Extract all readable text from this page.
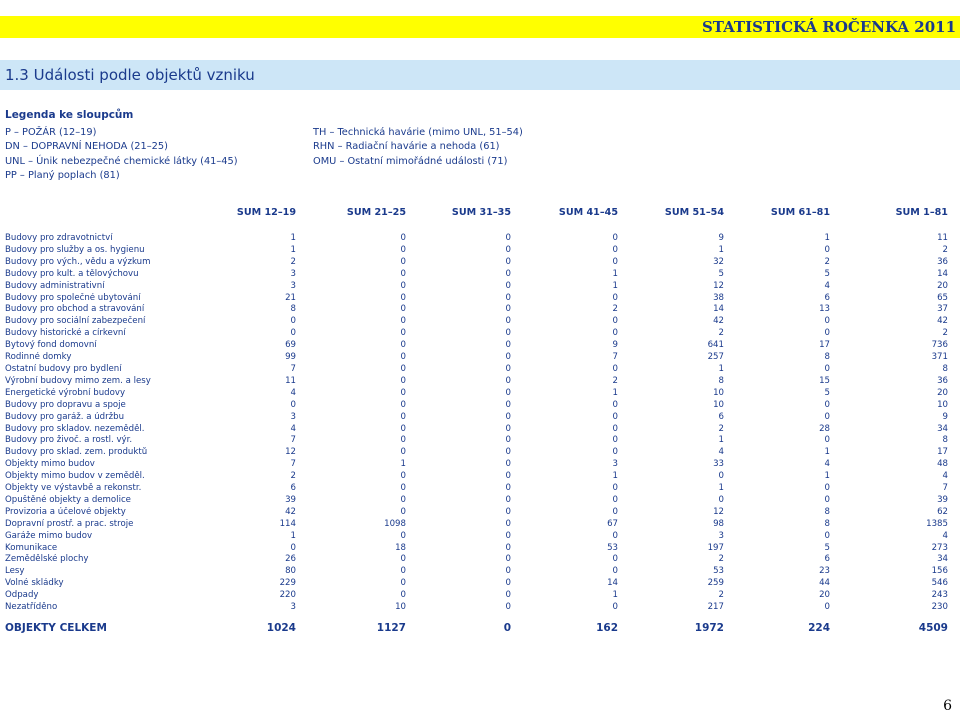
STATISTICKÁ ROČENKA 2011
1.3 Události podle objektů vzniku
Legenda ke sloupcům
P – POŽÁR (12–19)
DN – DOPRAVNÍ NEHODA (21–25)
UNL – Únik nebezpečné chemické látky (41–45)
PP – Planý poplach (81)
TH – Technická havárie (mimo UNL, 51–54)
RHN – Radiační havárie a nehoda (61)
OMU – Ostatní mimořádné události (71)
	SUM 12–19	SUM 21–25	SUM 31–35	SUM 41–45	SUM 51–54	SUM 61–81	SUM 1–81

Budovy pro zdravotnictví	1	0	0	0	9	1	11
Budovy pro služby a os. hygienu	1	0	0	0	1	0	2
Budovy pro vých., vědu a výzkum	2	0	0	0	32	2	36
Budovy pro kult. a tělovýchovu	3	0	0	1	5	5	14
Budovy administrativní	3	0	0	1	12	4	20
Budovy pro společné ubytování	21	0	0	0	38	6	65
Budovy pro obchod a stravování	8	0	0	2	14	13	37
Budovy pro sociální zabezpečení	0	0	0	0	42	0	42
Budovy historické a církevní	0	0	0	0	2	0	2
Bytový fond domovní	69	0	0	9	641	17	736
Rodinné domky	99	0	0	7	257	8	371
Ostatní budovy pro bydlení	7	0	0	0	1	0	8
Výrobní budovy mimo zem. a lesy	11	0	0	2	8	15	36
Energetické výrobní budovy	4	0	0	1	10	5	20
Budovy pro dopravu a spoje	0	0	0	0	10	0	10
Budovy pro garáž. a údržbu	3	0	0	0	6	0	9
Budovy pro skladov. nezeměděl.	4	0	0	0	2	28	34
Budovy pro živoč. a rostl. výr.	7	0	0	0	1	0	8
Budovy pro sklad. zem. produktů	12	0	0	0	4	1	17
Objekty mimo budov	7	1	0	3	33	4	48
Objekty mimo budov v zeměděl.	2	0	0	1	0	1	4
Objekty ve výstavbě a rekonstr.	6	0	0	0	1	0	7
Opuštěné objekty a demolice	39	0	0	0	0	0	39
Provizoria a účelové objekty	42	0	0	0	12	8	62
Dopravní prostř. a prac. stroje	114	1098	0	67	98	8	1385
Garáže mimo budov	1	0	0	0	3	0	4
Komunikace	0	18	0	53	197	5	273
Zemědělské plochy	26	0	0	0	2	6	34
Lesy	80	0	0	0	53	23	156
Volné skládky	229	0	0	14	259	44	546
Odpady	220	0	0	1	2	20	243
Nezatříděno	3	10	0	0	217	0	230
OBJEKTY CELKEM	1024	1127	0	162	1972	224	4509
6
